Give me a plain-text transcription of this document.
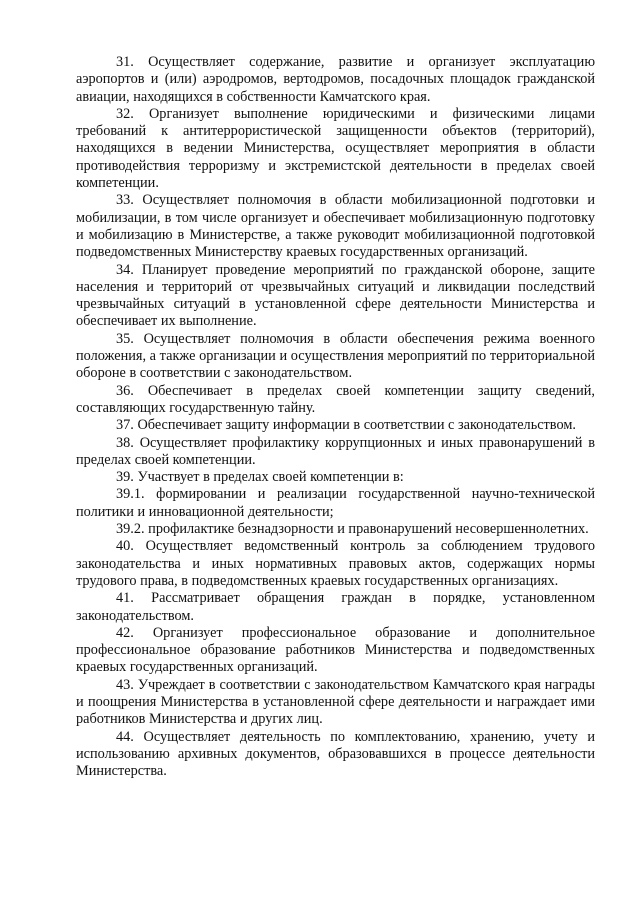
31. Осуществляет содержание, развитие и организует эксплуатацию аэропортов и (или) аэродромов, вертодромов, посадочных площадок гражданской авиации, находящихся в собственности Камчатского края.

32. Организует выполнение юридическими и физическими лицами требований к антитеррористической защищенности объектов (территорий), находящихся в ведении Министерства, осуществляет мероприятия в области противодействия терроризму и экстремистской деятельности в пределах своей компетенции.

33. Осуществляет полномочия в области мобилизационной подготовки и мобилизации, в том числе организует и обеспечивает мобилизационную подготовку и мобилизацию в Министерстве, а также руководит мобилизационной подготовкой подведомственных Министерству краевых государственных организаций.

34. Планирует проведение мероприятий по гражданской обороне, защите населения и территорий от чрезвычайных ситуаций и ликвидации последствий чрезвычайных ситуаций в установленной сфере деятельности Министерства и обеспечивает их выполнение.

35. Осуществляет полномочия в области обеспечения режима военного положения, а также организации и осуществления мероприятий по территориальной обороне в соответствии с законодательством.

36. Обеспечивает в пределах своей компетенции защиту сведений, составляющих государственную тайну.

37. Обеспечивает защиту информации в соответствии с законодательством.

38. Осуществляет профилактику коррупционных и иных правонарушений в пределах своей компетенции.

39. Участвует в пределах своей компетенции в:

39.1. формировании и реализации государственной научно-технической политики и инновационной деятельности;

39.2. профилактике безнадзорности и правонарушений несовершеннолетних.

40. Осуществляет ведомственный контроль за соблюдением трудового законодательства и иных нормативных правовых актов, содержащих нормы трудового права, в подведомственных краевых государственных организациях.

41. Рассматривает обращения граждан в порядке, установленном законодательством.

42. Организует профессиональное образование и дополнительное профессиональное образование работников Министерства и подведомственных краевых государственных организаций.

43. Учреждает в соответствии с законодательством Камчатского края награды и поощрения Министерства в установленной сфере деятельности и награждает ими работников Министерства и других лиц.

44. Осуществляет деятельность по комплектованию, хранению, учету и использованию архивных документов, образовавшихся в процессе деятельности Министерства.
